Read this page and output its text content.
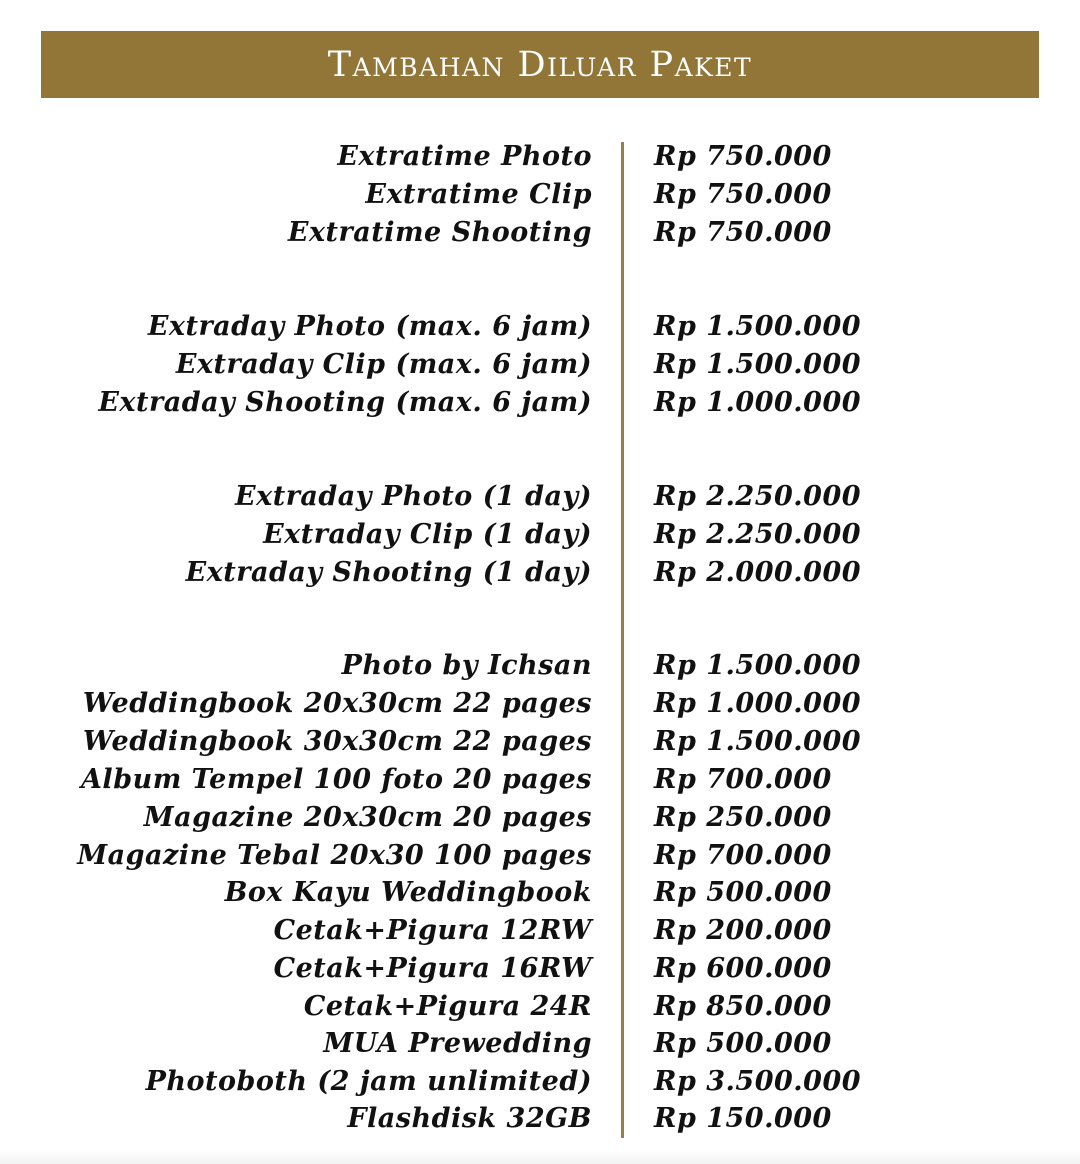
Tambahan Diluar Paket
Extratime Photo Rp 750.000
Extratime Clip Rp 750.000
Extratime Shooting Rp 750.000
Extraday Photo (max. 6 jam) Rp 1.500.000
Extraday Clip (max. 6 jam) Rp 1.500.000
Extraday Shooting (max. 6 jam) Rp 1.000.000
Extraday Photo (1 day) Rp 2.250.000
Extraday Clip (1 day) Rp 2.250.000
Extraday Shooting (1 day) Rp 2.000.000
Photo by Ichsan Rp 1.500.000
Weddingbook 20x30cm 22 pages Rp 1.000.000
Weddingbook 30x30cm 22 pages Rp 1.500.000
Album Tempel 100 foto 20 pages Rp 700.000
Magazine 20x30cm 20 pages Rp 250.000
Magazine Tebal 20x30 100 pages Rp 700.000
Box Kayu Weddingbook Rp 500.000
Cetak+Pigura 12RW Rp 200.000
Cetak+Pigura 16RW Rp 600.000
Cetak+Pigura 24R Rp 850.000
MUA Prewedding Rp 500.000
Photoboth (2 jam unlimited) Rp 3.500.000
Flashdisk 32GB Rp 150.000
